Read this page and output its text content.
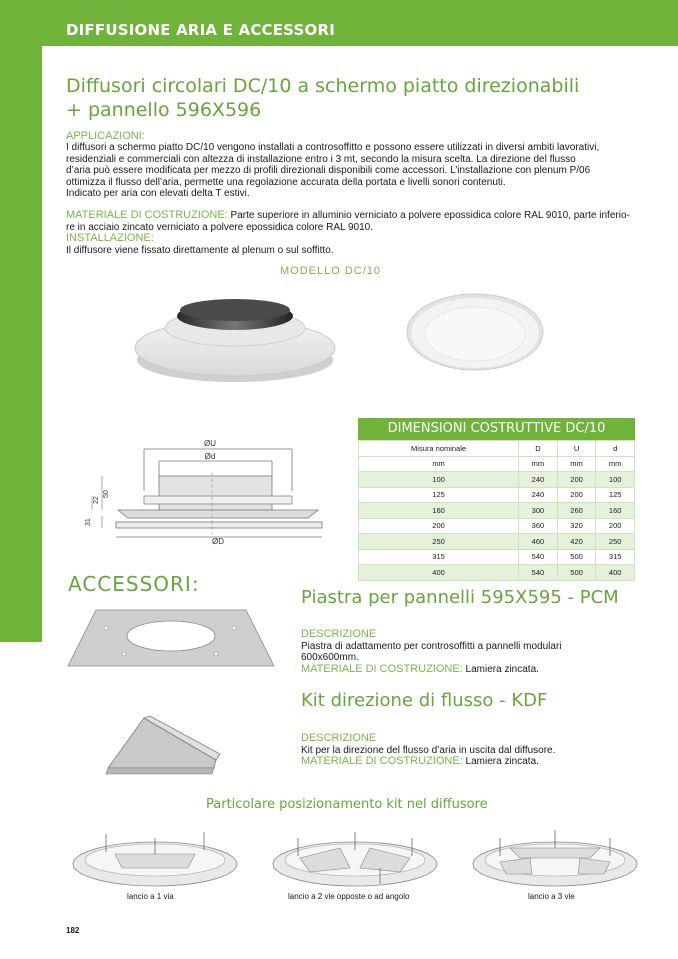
DIFFUSIONE ARIA E ACCESSORI
Diffusori circolari DC/10 a schermo piatto direzionabili
+ pannello 596X596
APPLICAZIONI:
I diffusori a schermo piatto DC/10 vengono installati a controsoffitto e possono essere utilizzati in diversi ambiti lavorativi,
residenziali e commerciali con altezza di installazione entro i 3 mt, secondo la misura scelta. La direzione del flusso
d’aria può essere modificata per mezzo di profili direzionali disponibili come accessori. L’installazione con plenum P/06
ottimizza il flusso dell’aria, permette una regolazione accurata della portata e livelli sonori contenuti.
Indicato per aria con elevati delta T estivi.
MATERIALE DI COSTRUZIONE: Parte superiore in alluminio verniciato a polvere epossidica colore RAL 9010, parte inferio-
re in acciaio zincato verniciato a polvere epossidica colore RAL 9010.
INSTALLAZIONE:
Il diffusore viene fissato direttamente al plenum o sul soffitto.
MODELLO DC/10
ØU
Ød
ØD
50
22
31
DIMENSIONI COSTRUTTIVE DC/10
Misura nominale	D	U	d
mm	mm	mm	mm
100	240	200	100
125	240	200	125
160	300	260	160
200	360	320	200
250	460	420	250
315	540	500	315
400	540	500	400
ACCESSORI:
Piastra per pannelli 595X595 - PCM
DESCRIZIONE
Piastra di adattamento per controsoffitti a pannelli modulari
600x600mm.
MATERIALE DI COSTRUZIONE: Lamiera zincata.
Kit direzione di flusso - KDF
DESCRIZIONE
Kit per la direzione del flusso d’aria in uscita dal diffusore.
MATERIALE DI COSTRUZIONE: Lamiera zincata.
Particolare posizionamento kit nel diffusore
lancio a 1 via	lancio a 2 vie opposte o ad angolo	lancio a 3 vie
182
